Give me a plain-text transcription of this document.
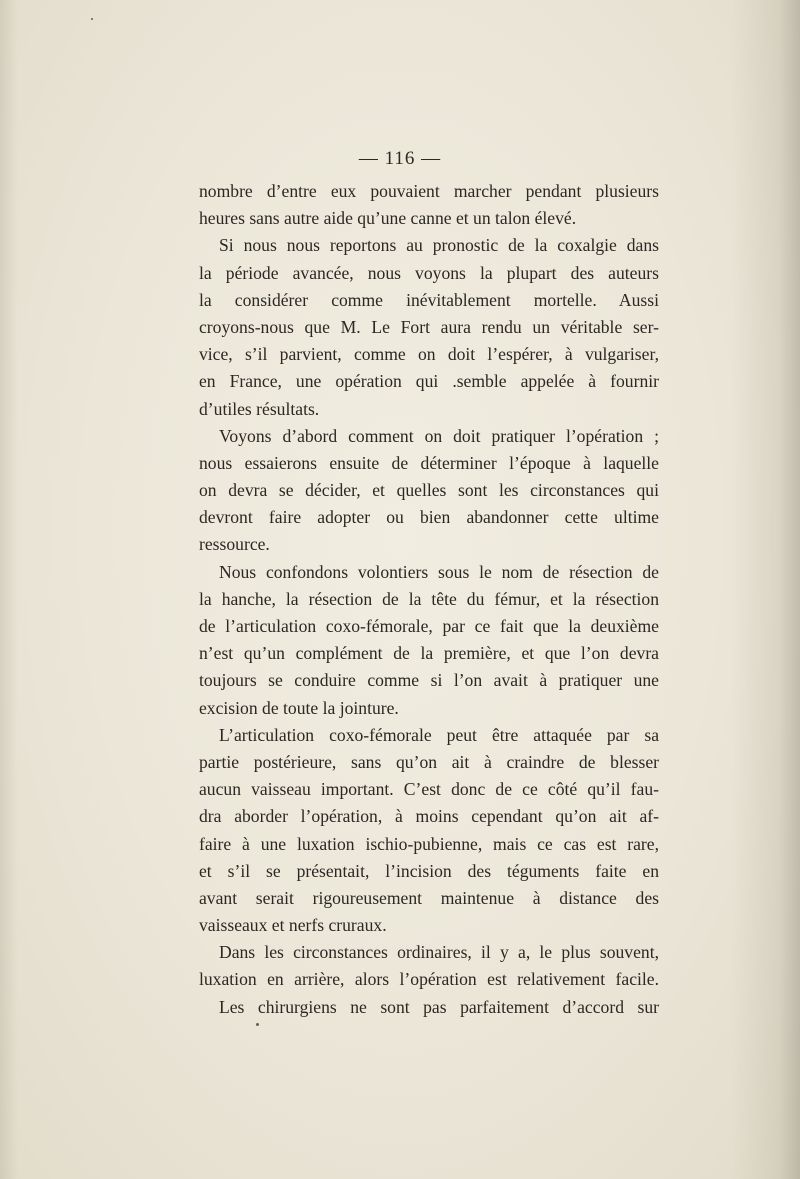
— 116 —
nombre d’entre eux pouvaient marcher pendant plusieurs
heures sans autre aide qu’une canne et un talon élevé.
Si nous nous reportons au pronostic de la coxalgie dans
la période avancée, nous voyons la plupart des auteurs
la considérer comme inévitablement mortelle. Aussi
croyons-nous que M. Le Fort aura rendu un véritable ser-
vice, s’il parvient, comme on doit l’espérer, à vulgariser,
en France, une opération qui .semble appelée à fournir
d’utiles résultats.
Voyons d’abord comment on doit pratiquer l’opération ;
nous essaierons ensuite de déterminer l’époque à laquelle
on devra se décider, et quelles sont les circonstances qui
devront faire adopter ou bien abandonner cette ultime
ressource.
Nous confondons volontiers sous le nom de résection de
la hanche, la résection de la tête du fémur, et la résection
de l’articulation coxo-fémorale, par ce fait que la deuxième
n’est qu’un complément de la première, et que l’on devra
toujours se conduire comme si l’on avait à pratiquer une
excision de toute la jointure.
L’articulation coxo-fémorale peut être attaquée par sa
partie postérieure, sans qu’on ait à craindre de blesser
aucun vaisseau important. C’est donc de ce côté qu’il fau-
dra aborder l’opération, à moins cependant qu’on ait af-
faire à une luxation ischio-pubienne, mais ce cas est rare,
et s’il se présentait, l’incision des téguments faite en
avant serait rigoureusement maintenue à distance des
vaisseaux et nerfs cruraux.
Dans les circonstances ordinaires, il y a, le plus souvent,
luxation en arrière, alors l’opération est relativement facile.
Les chirurgiens ne sont pas parfaitement d’accord sur
